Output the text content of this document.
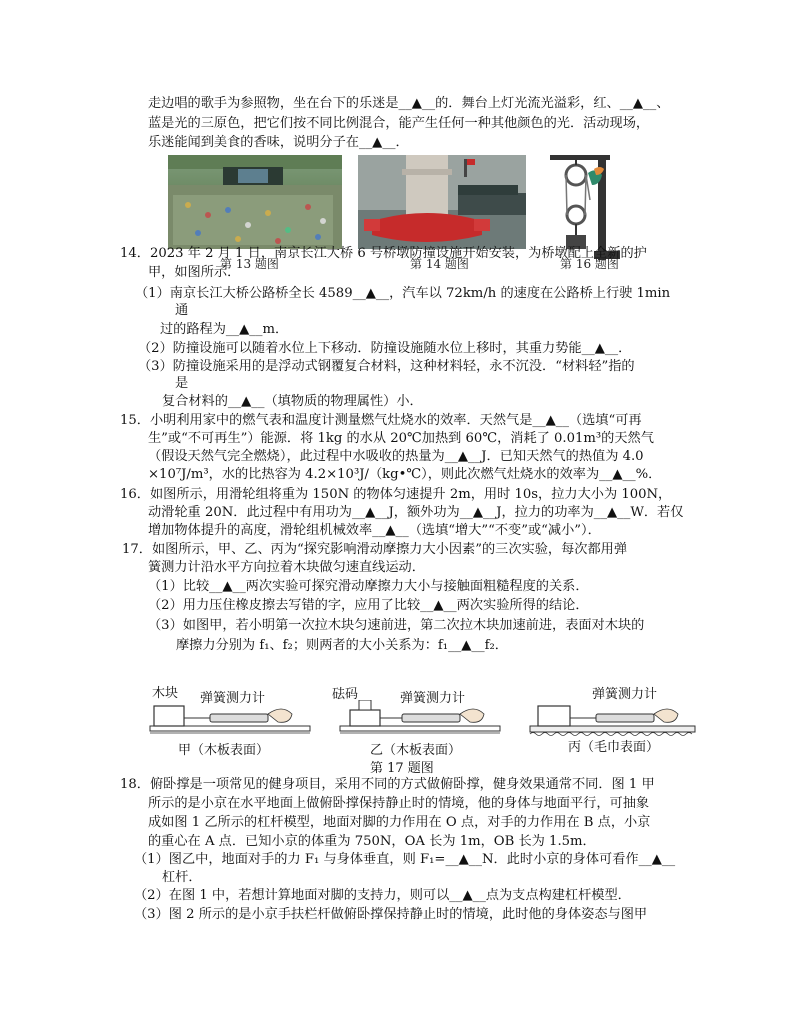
走边唱的歌手为参照物，坐在台下的乐迷是__▲__的．舞台上灯光流光溢彩，红、__▲__、
蓝是光的三原色，把它们按不同比例混合，能产生任何一种其他颜色的光．活动现场，
乐迷能闻到美食的香味，说明分子在__▲__．
第 13 题图	第 14 题图	第 16 题图
14．2023 年 2 月 1 日，南京长江大桥 6 号桥墩防撞设施开始安装，为桥墩配上全新的护
甲，如图所示．
（1）南京长江大桥公路桥全长 4589__▲__，汽车以 72km/h 的速度在公路桥上行驶 1min
通
过的路程为__▲__m．
（2）防撞设施可以随着水位上下移动．防撞设施随水位上移时，其重力势能__▲__．
（3）防撞设施采用的是浮动式钢覆复合材料，这种材料轻，永不沉没．“材料轻”指的
是
复合材料的__▲__（填物质的物理属性）小．
15．小明利用家中的燃气表和温度计测量燃气灶烧水的效率．天然气是__▲__（选填“可再
生”或“不可再生”）能源．将 1kg 的水从 20℃加热到 60℃，消耗了 0.01m³的天然气
（假设天然气完全燃烧），此过程中水吸收的热量为__▲__J．已知天然气的热值为 4.0
×10⁷J/m³，水的比热容为 4.2×10³J/（kg•℃），则此次燃气灶烧水的效率为__▲__%．
16．如图所示，用滑轮组将重为 150N 的物体匀速提升 2m，用时 10s，拉力大小为 100N，
动滑轮重 20N．此过程中有用功为__▲__J，额外功为__▲__J，拉力的功率为__▲__W．若仅
增加物体提升的高度，滑轮组机械效率__▲__（选填“增大”“不变”或“减小”）．
17．如图所示，甲、乙、丙为“探究影响滑动摩擦力大小因素”的三次实验，每次都用弹
簧测力计沿水平方向拉着木块做匀速直线运动．
（1）比较__▲__两次实验可探究滑动摩擦力大小与接触面粗糙程度的关系．
（2）用力压住橡皮擦去写错的字，应用了比较__▲__两次实验所得的结论．
（3）如图甲，若小明第一次拉木块匀速前进，第二次拉木块加速前进，表面对木块的
摩擦力分别为 f₁、f₂；则两者的大小关系为：f₁__▲__f₂．
木块 弹簧测力计	砝码	弹簧测力计	弹簧测力计
甲（木板表面）	乙（木板表面）	丙（毛巾表面）
第 17 题图
18．俯卧撑是一项常见的健身项目，采用不同的方式做俯卧撑，健身效果通常不同．图 1 甲
所示的是小京在水平地面上做俯卧撑保持静止时的情境，他的身体与地面平行，可抽象
成如图 1 乙所示的杠杆模型，地面对脚的力作用在 O 点，对手的力作用在 B 点，小京
的重心在 A 点．已知小京的体重为 750N，OA 长为 1m，OB 长为 1.5m．
（1）图乙中，地面对手的力 F₁ 与身体垂直，则 F₁=__▲__N．此时小京的身体可看作__▲__
杠杆．
（2）在图 1 中，若想计算地面对脚的支持力，则可以__▲__点为支点构建杠杆模型．
（3）图 2 所示的是小京手扶栏杆做俯卧撑保持静止时的情境，此时他的身体姿态与图甲
